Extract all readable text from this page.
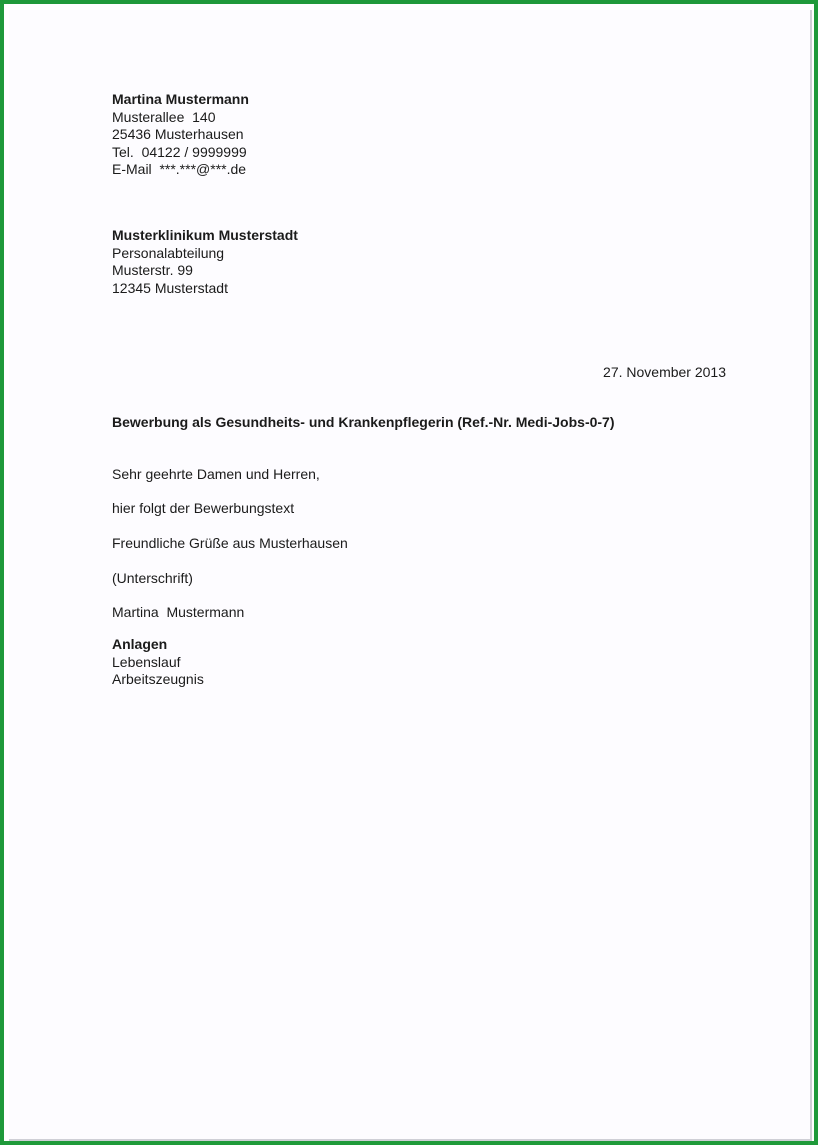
Martina Mustermann
Musterallee  140
25436 Musterhausen
Tel.  04122 / 9999999
E-Mail  ***.***@***.de
Musterklinikum Musterstadt
Personalabteilung
Musterstr. 99
12345 Musterstadt
27. November 2013
Bewerbung als Gesundheits- und Krankenpflegerin (Ref.-Nr. Medi-Jobs-0-7)
Sehr geehrte Damen und Herren,
hier folgt der Bewerbungstext
Freundliche Grüße aus Musterhausen
(Unterschrift)
Martina  Mustermann
Anlagen
Lebenslauf
Arbeitszeugnis
